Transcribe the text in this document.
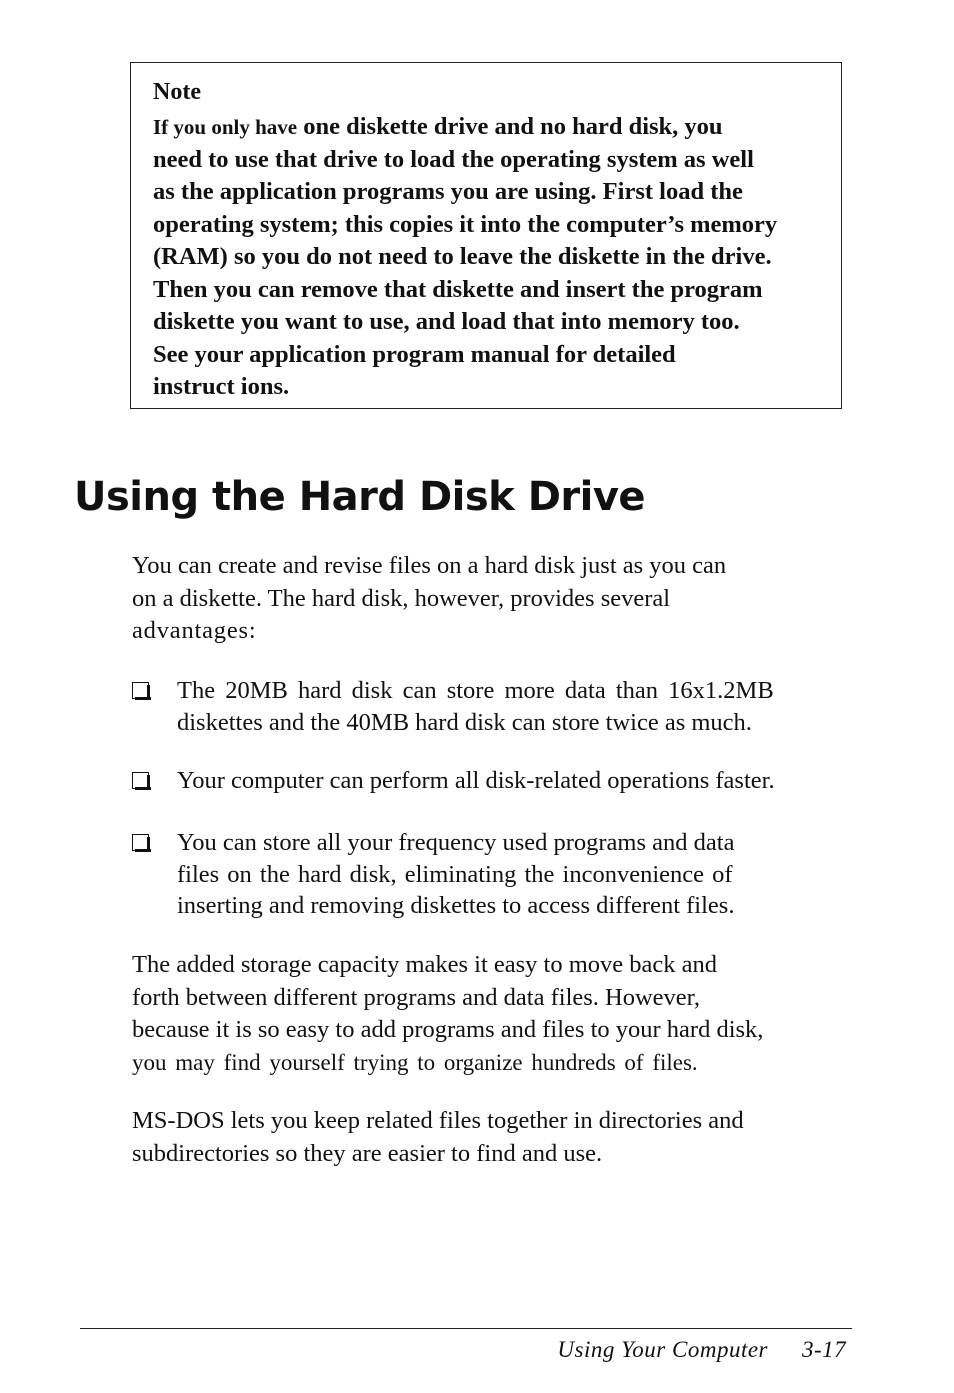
Note
If you only have one diskette drive and no hard disk, you
need to use that drive to load the operating system as well
as the application programs you are using. First load the
operating system; this copies it into the computer’s memory
(RAM) so you do not need to leave the diskette in the drive.
Then you can remove that diskette and insert the program
diskette you want to use, and load that into memory too.
See your application program manual for detailed
instruct ions.
Using the Hard Disk Drive
You can create and revise files on a hard disk just as you can
on a diskette. The hard disk, however, provides several
advantages:
The 20MB hard disk can store more data than 16x1.2MB
diskettes and the 40MB hard disk can store twice as much.
Your computer can perform all disk-related operations faster.
You can store all your frequency used programs and data
files on the hard disk, eliminating the inconvenience of
inserting and removing diskettes to access different files.
The added storage capacity makes it easy to move back and
forth between different programs and data files. However,
because it is so easy to add programs and files to your hard disk,
you may find yourself trying to organize hundreds of files.
MS-DOS lets you keep related files together in directories and
subdirectories so they are easier to find and use.
Using Your Computer 3-17
